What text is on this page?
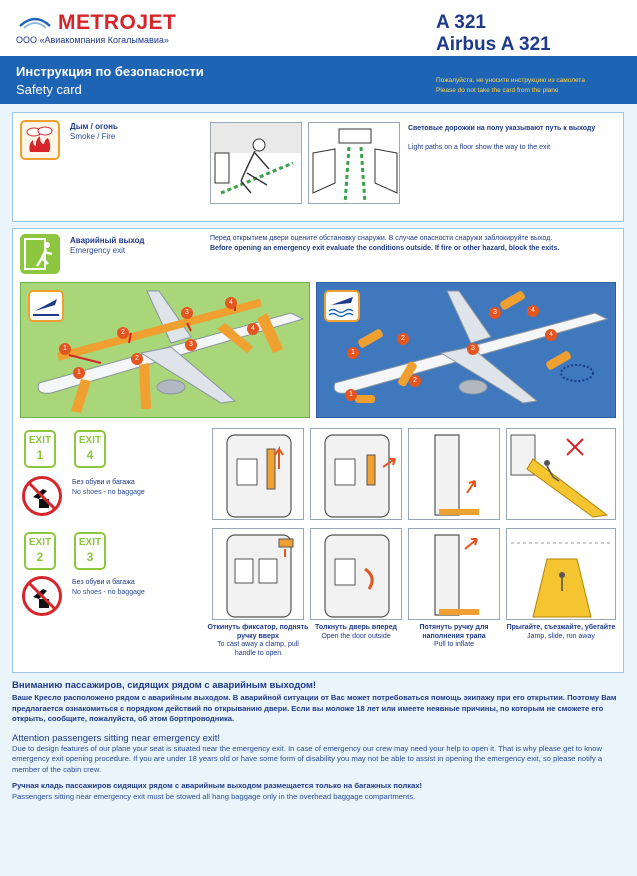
METROJET
ООО «Авиакомпания Когалымавиа»
A 321
Airbus A 321
Инструкция по безопасности
Safety card
Пожалуйста, не уносите инструкцию из самолета
Please do not take the card from the plane
Дым / огонь
Smoke / Fire
Световые дорожки на полу указывают путь к выходу
Light paths on a floor show the way to the exit
Аварийный выход
Emergency exit
Перед открытием двери оцените обстановку снаружи. В случае опасности снаружи заблокируйте выход.
Before opening an emergency exit evaluate the conditions outside. If fire or other hazard, block the exits.
1
2
3
4
1
2
3
4
1
2
3	4
1
2
3
4
EXIT
1
EXIT
4
Без обуви и багажа
No shoes - no baggage
EXIT
2
EXIT
3
Без обуви и багажа
No shoes - no baggage
Откинуть фиксатор, поднять ручку вверх
To cast away a clamp, pull handle to open
Толкнуть дверь вперед
Open the door outside
Потянуть ручку для наполнения трапа
Pull to inflate
Прыгайте, съезжайте, убегайте
Jamp, slide, run away
Вниманию пассажиров, сидящих рядом с аварийным выходом!
Ваше Кресло расположено рядом с аварийным выходом. В аварийной ситуации от Вас может потребоваться помощь экипажу при его открытии. Поэтому Вам предлагается ознакомиться с порядком действий по открыванию двери. Если вы моложе 18 лет или имеете неявные причины, по которым не сможете его открыть, сообщите, пожалуйста, об этом бортпроводника.
Attention passengers sitting near emergency exit!
Due to design features of our plane your seat is situated near the emergency exit. In case of emergency our crew may need your help to open it. That is why please get to know emergency exit opening procedure. If you are under 18 years old or have some form of disability you may not be able to assist in opening the emergency exit, so please notify a member of the cabin crew.
Ручная кладь пассажиров сидящих рядом с аварийным выходом размещается только на багажных полках!
Passengers sitting near emergency exit must be stowed all hang baggage only in the overhead baggage compartments.
